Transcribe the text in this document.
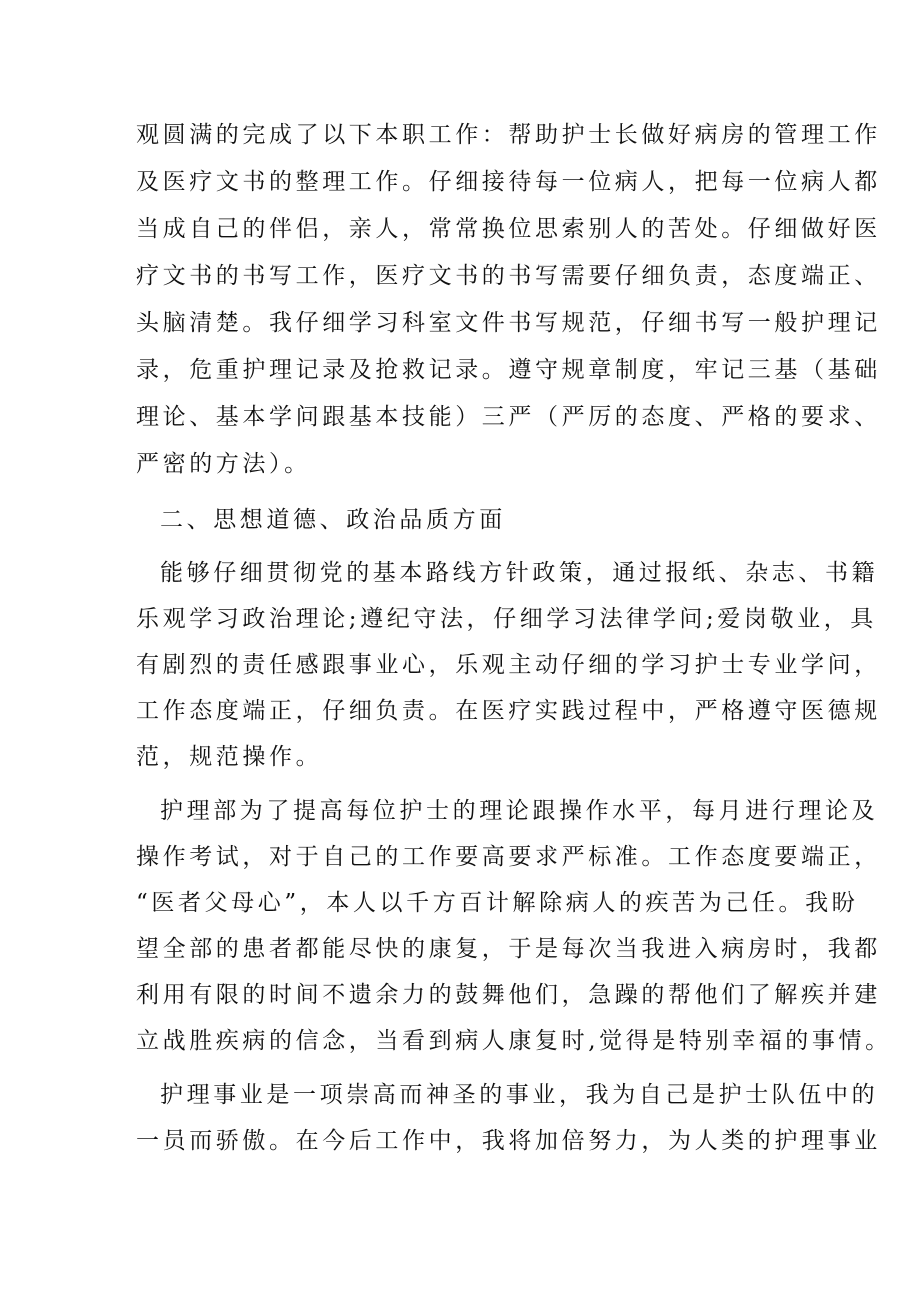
观圆满的完成了以下本职工作：帮助护士长做好病房的管理工作
及医疗文书的整理工作。仔细接待每一位病人，把每一位病人都
当成自己的伴侣，亲人，常常换位思索别人的苦处。仔细做好医
疗文书的书写工作，医疗文书的书写需要仔细负责，态度端正、
头脑清楚。我仔细学习科室文件书写规范，仔细书写一般护理记
录，危重护理记录及抢救记录。遵守规章制度，牢记三基（基础
理论、基本学问跟基本技能）三严（严厉的态度、严格的要求、
严密的方法）。
二、思想道德、政治品质方面
能够仔细贯彻党的基本路线方针政策，通过报纸、杂志、书籍
乐观学习政治理论;遵纪守法，仔细学习法律学问;爱岗敬业，具
有剧烈的责任感跟事业心，乐观主动仔细的学习护士专业学问，
工作态度端正，仔细负责。在医疗实践过程中，严格遵守医德规
范，规范操作。
护理部为了提高每位护士的理论跟操作水平，每月进行理论及
操作考试，对于自己的工作要高要求严标准。工作态度要端正，
“医者父母心”，本人以千方百计解除病人的疾苦为己任。我盼
望全部的患者都能尽快的康复，于是每次当我进入病房时，我都
利用有限的时间不遗余力的鼓舞他们，急躁的帮他们了解疾并建
立战胜疾病的信念，当看到病人康复时,觉得是特别幸福的事情。
护理事业是一项崇高而神圣的事业，我为自己是护士队伍中的
一员而骄傲。在今后工作中，我将加倍努力，为人类的护理事业
